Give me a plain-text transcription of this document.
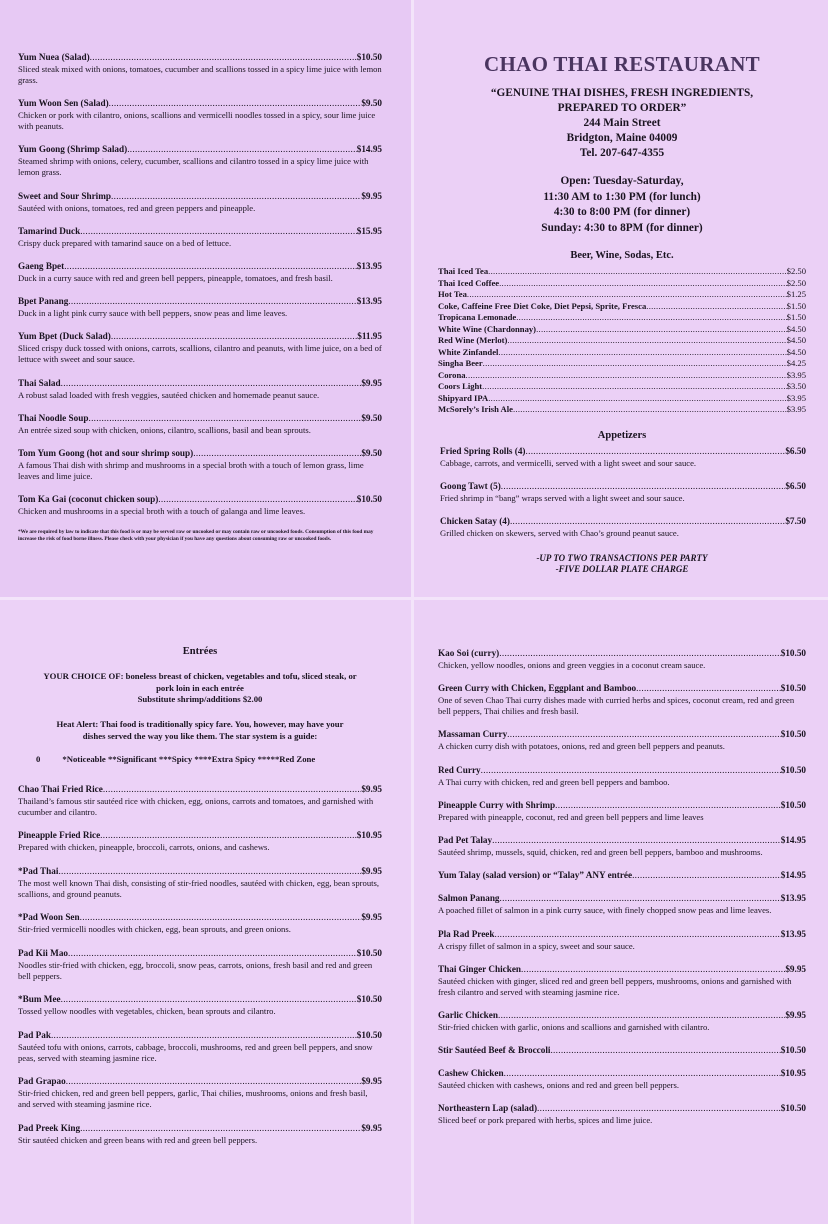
Yum Nuea (Salad) .....	$10.50
Sliced steak mixed with onions, tomatoes, cucumber and scallions tossed in a spicy lime juice with lemon grass.
Yum Woon Sen (Salad) .....	$9.50
Chicken or pork with cilantro, onions, scallions and vermicelli noodles tossed in a spicy, sour lime juice with peanuts.
Yum Goong (Shrimp Salad) .....	$14.95
Steamed shrimp with onions, celery, cucumber, scallions and cilantro tossed in a spicy lime juice with lemon grass.
Sweet and Sour Shrimp .....	$9.95
Sautéed with onions, tomatoes, red and green peppers and pineapple.
Tamarind Duck .....	$15.95
Crispy duck prepared with tamarind sauce on a bed of lettuce.
Gaeng Bpet .....	$13.95
Duck in a curry sauce with red and green bell peppers, pineapple, tomatoes, and fresh basil.
Bpet Panang .....	$13.95
Duck in a light pink curry sauce with bell peppers, snow peas and lime leaves.
Yum Bpet (Duck Salad) .....	$11.95
Sliced crispy duck tossed with onions, carrots, scallions, cilantro and peanuts, with lime juice, on a bed of lettuce with sweet and sour sauce.
Thai Salad .....	$9.95
A robust salad loaded with fresh veggies, sautéed chicken and homemade peanut sauce.
Thai Noodle Soup .....	$9.50
An entrée sized soup with chicken, onions, cilantro, scallions, basil and bean sprouts.
Tom Yum Goong (hot and sour shrimp soup) .....	$9.50
A famous Thai dish with shrimp and mushrooms in a special broth with a touch of lemon grass, lime leaves and lime juice.
Tom Ka Gai (coconut chicken soup) .....	$10.50
Chicken and mushrooms in a special broth with a touch of galanga and lime leaves.
*We are required by law to indicate that this food is or may be served raw or uncooked or may contain raw or uncooked foods. Consumption of this food may increase the risk of food borne illness. Please check with your physician if you have any questions about consuming raw or uncooked foods.
CHAO THAI RESTAURANT
“GENUINE THAI DISHES, FRESH INGREDIENTS,
PREPARED TO ORDER”
244 Main Street
Bridgton, Maine 04009
Tel. 207-647-4355
Open: Tuesday-Saturday,
11:30 AM to 1:30 PM (for lunch)
4:30 to 8:00 PM (for dinner)
Sunday: 4:30 to 8PM (for dinner)
Beer, Wine, Sodas, Etc.
Thai Iced Tea .....	$2.50
Thai Iced Coffee .....	$2.50
Hot Tea .....	$1.25
Coke, Caffeine Free Diet Coke, Diet Pepsi, Sprite, Fresca .....	$1.50
Tropicana Lemonade .....	$1.50
White Wine (Chardonnay) .....	$4.50
Red Wine (Merlot) .....	$4.50
White Zinfandel .....	$4.50
Singha Beer .....	$4.25
Corona .....	$3.95
Coors Light .....	$3.50
Shipyard IPA .....	$3.95
McSorely’s Irish Ale .....	$3.95
Appetizers
Fried Spring Rolls (4) .....	$6.50
Cabbage, carrots, and vermicelli, served with a light sweet and sour sauce.
Goong Tawt (5) .....	$6.50
Fried shrimp in “bang” wraps served with a light sweet and sour sauce.
Chicken Satay (4) .....	$7.50
Grilled chicken on skewers, served with Chao’s ground peanut sauce.
-UP TO TWO TRANSACTIONS PER PARTY
-FIVE DOLLAR PLATE CHARGE
Entrées
YOUR CHOICE OF: boneless breast of chicken, vegetables and tofu, sliced steak, or
pork loin in each entrée
Substitute shrimp/additions $2.00
Heat Alert: Thai food is traditionally spicy fare. You, however, may have your
dishes served the way you like them. The star system is a guide:
0	*Noticeable **Significant ***Spicy ****Extra Spicy *****Red Zone
Chao Thai Fried Rice .....	$9.95
Thailand’s famous stir sautéed rice with chicken, egg, onions, carrots and tomatoes, and garnished with cucumber and cilantro.
Pineapple Fried Rice .....	$10.95
Prepared with chicken, pineapple, broccoli, carrots, onions, and cashews.
*Pad Thai .....	$9.95
The most well known Thai dish, consisting of stir-fried noodles, sautéed with chicken, egg, bean sprouts, scallions, and ground peanuts.
*Pad Woon Sen .....	$9.95
Stir-fried vermicelli noodles with chicken, egg, bean sprouts, and green onions.
Pad Kii Mao .....	$10.50
Noodles stir-fried with chicken, egg, broccoli, snow peas, carrots, onions, fresh basil and red and green bell peppers.
*Bum Mee .....	$10.50
Tossed yellow noodles with vegetables, chicken, bean sprouts and cilantro.
Pad Pak .....	$10.50
Sautéed tofu with onions, carrots, cabbage, broccoli, mushrooms, red and green bell peppers, and snow peas, served with steaming jasmine rice.
Pad Grapao .....	$9.95
Stir-fried chicken, red and green bell peppers, garlic, Thai chilies, mushrooms, onions and fresh basil, and served with steaming jasmine rice.
Pad Preek King .....	$9.95
Stir sautéed chicken and green beans with red and green bell peppers.
Kao Soi (curry) .....	$10.50
Chicken, yellow noodles, onions and green veggies in a coconut cream sauce.
Green Curry with Chicken, Eggplant and Bamboo .....	$10.50
One of seven Chao Thai curry dishes made with curried herbs and spices, coconut cream, red and green bell peppers, Thai chilies and fresh basil.
Massaman Curry .....	$10.50
A chicken curry dish with potatoes, onions, red and green bell peppers and peanuts.
Red Curry .....	$10.50
A Thai curry with chicken, red and green bell peppers and bamboo.
Pineapple Curry with Shrimp .....	$10.50
Prepared with pineapple, coconut, red and green bell peppers and lime leaves
Pad Pet Talay .....	$14.95
Sautéed shrimp, mussels, squid, chicken, red and green bell peppers, bamboo and mushrooms.
Yum Talay (salad version) or “Talay” ANY entrée .....	$14.95
Salmon Panang .....	$13.95
A poached fillet of salmon in a pink curry sauce, with finely chopped snow peas and lime leaves.
Pla Rad Preek .....	$13.95
A crispy fillet of salmon in a spicy, sweet and sour sauce.
Thai Ginger Chicken .....	$9.95
Sautéed chicken with ginger, sliced red and green bell peppers, mushrooms, onions and garnished with fresh cilantro and served with steaming jasmine rice.
Garlic Chicken .....	$9.95
Stir-fried chicken with garlic, onions and scallions and garnished with cilantro.
Stir Sautéed Beef & Broccoli .....	$10.50
Cashew Chicken .....	$10.95
Sautéed chicken with cashews, onions and red and green bell peppers.
Northeastern Lap (salad) .....	$10.50
Sliced beef or pork prepared with herbs, spices and lime juice.
